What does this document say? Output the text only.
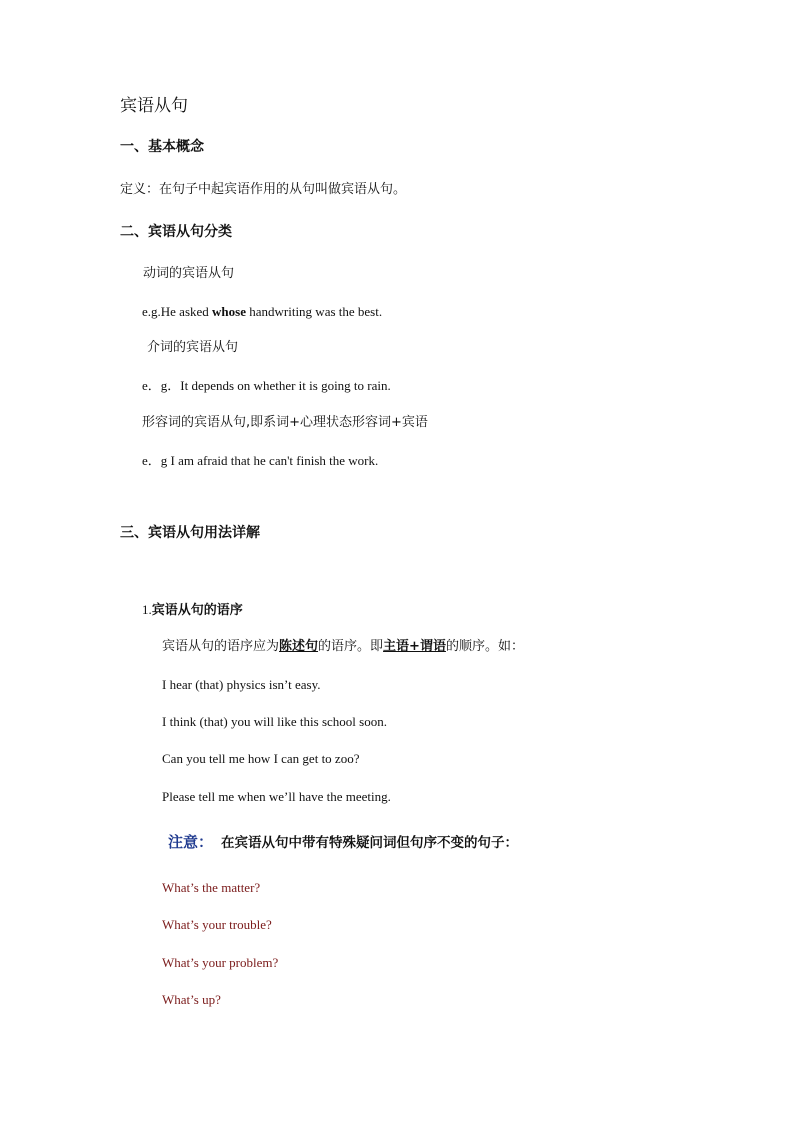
宾语从句

一、基本概念

定义：在句子中起宾语作用的从句叫做宾语从句。

二、宾语从句分类

动词的宾语从句

e.g.He asked whose handwriting was the best.

介词的宾语从句

e．g．It depends on whether it is going to rain.

形容词的宾语从句,即系词+心理状态形容词+宾语

e．g I am afraid that he can't finish the work.

三、宾语从句用法详解

1.宾语从句的语序

宾语从句的语序应为陈述句的语序。即主语+谓语的顺序。如：

I hear (that) physics isn’t easy.

I think (that) you will like this school soon.

Can you tell me how I can get to zoo?

Please tell me when we’ll have the meeting.

注意： 在宾语从句中带有特殊疑问词但句序不变的句子：

What’s the matter?

What’s your trouble?

What’s your problem?

What’s up?
